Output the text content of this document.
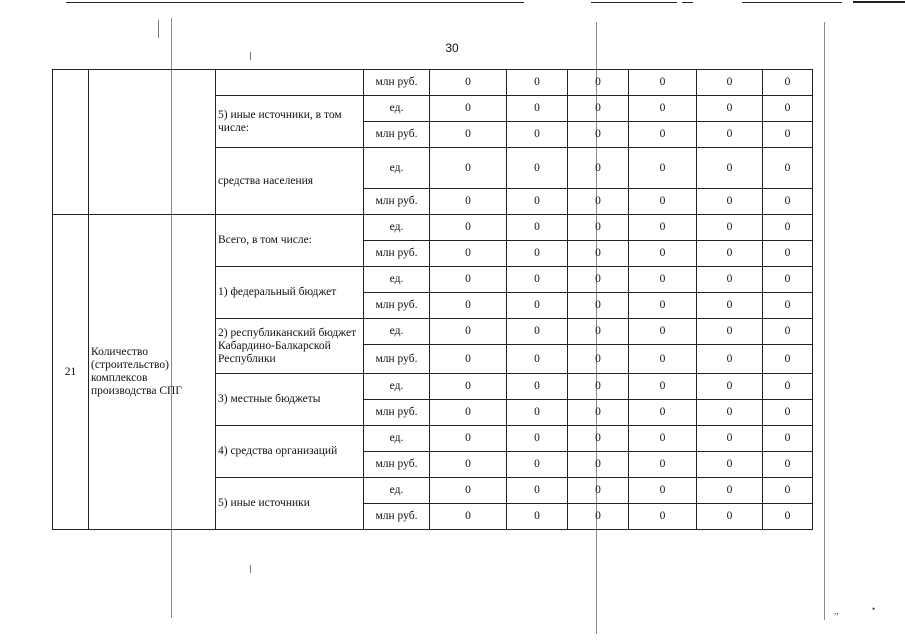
,,	•
30
			млн руб.	0	0	0	0	0	0
		5) иные источники, в том числе:	ед.	0	0	0	0	0	0
			млн руб.	0	0	0	0	0	0
		средства населения	ед.	0	0	0	0	0	0
			млн руб.	0	0	0	0	0	0
21	Количество (строительство) комплексов производства СПГ	Всего, в том числе:	ед.	0	0	0	0	0	0
			млн руб.	0	0	0	0	0	0
		1) федеральный бюджет	ед.	0	0	0	0	0	0
			млн руб.	0	0	0	0	0	0
		2) республиканский бюджет Кабардино-Балкарской Республики	ед.	0	0	0	0	0	0
			млн руб.	0	0	0	0	0	0
		3) местные бюджеты	ед.	0	0	0	0	0	0
			млн руб.	0	0	0	0	0	0
		4) средства организаций	ед.	0	0	0	0	0	0
			млн руб.	0	0	0	0	0	0
		5) иные источники	ед.	0	0	0	0	0	0
			млн руб.	0	0	0	0	0	0
